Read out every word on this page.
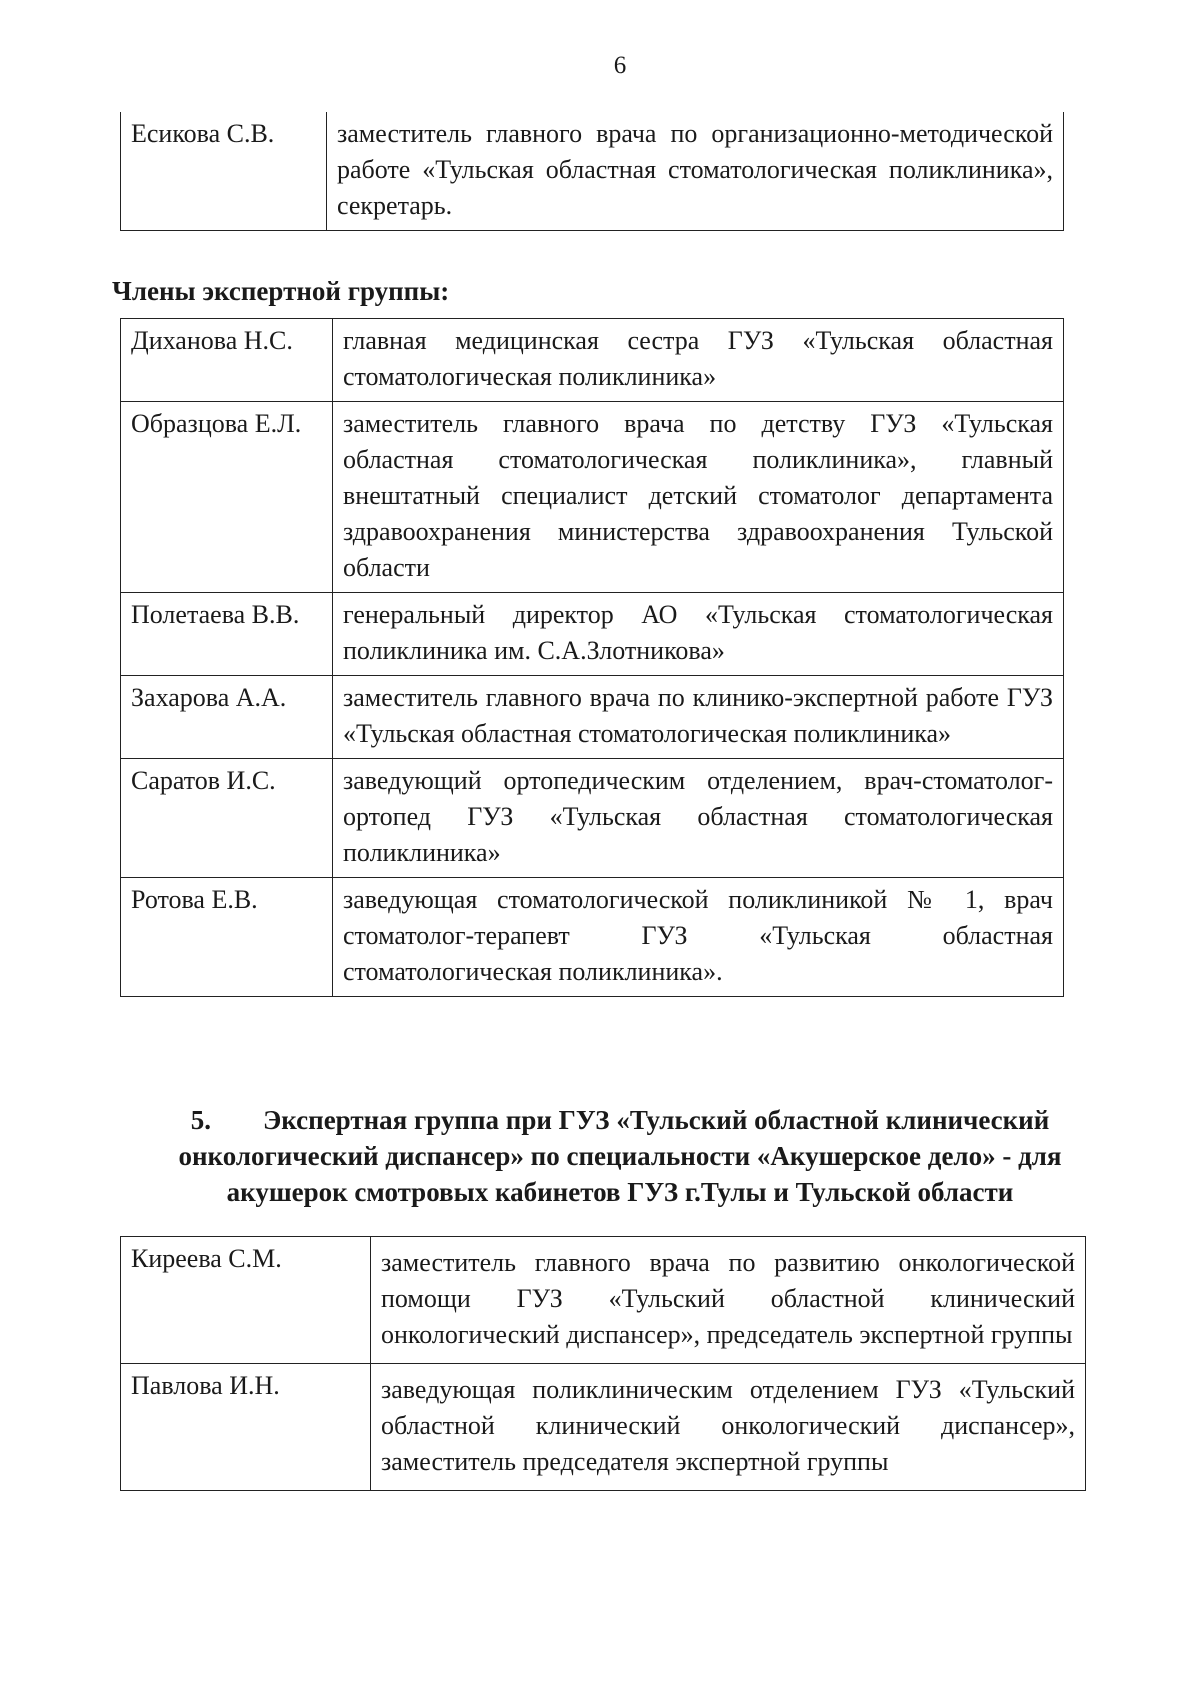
6
Есикова С.В.	заместитель главного врача по организационно-методической работе «Тульская областная стоматологическая поликлиника», секретарь.
Члены экспертной группы:
Диханова Н.С.	главная медицинская сестра ГУЗ «Тульская областная стоматологическая поликлиника»
Образцова Е.Л.	заместитель главного врача по детству ГУЗ «Тульская областная стоматологическая поликлиника», главный внештатный специалист детский стоматолог департамента здравоохранения министерства здравоохранения Тульской области
Полетаева В.В.	генеральный директор АО «Тульская стоматологическая поликлиника им. С.А.Злотникова»
Захарова А.А.	заместитель главного врача по клинико-экспертной работе ГУЗ «Тульская областная стоматологическая поликлиника»
Саратов И.С.	заведующий ортопедическим отделением, врач-стоматолог-ортопед ГУЗ «Тульская областная стоматологическая поликлиника»
Ротова Е.В.	заведующая стоматологической поликлиникой № 1, врач стоматолог-терапевт ГУЗ «Тульская областная стоматологическая поликлиника».
5. Экспертная группа при ГУЗ «Тульский областной клинический онкологический диспансер» по специальности «Акушерское дело» - для акушерок смотровых кабинетов ГУЗ г.Тулы и Тульской области
Киреева С.М.	заместитель главного врача по развитию онкологической помощи ГУЗ «Тульский областной клинический онкологический диспансер», председатель экспертной группы
Павлова И.Н.	заведующая поликлиническим отделением ГУЗ «Тульский областной клинический онкологический диспансер», заместитель председателя экспертной группы
